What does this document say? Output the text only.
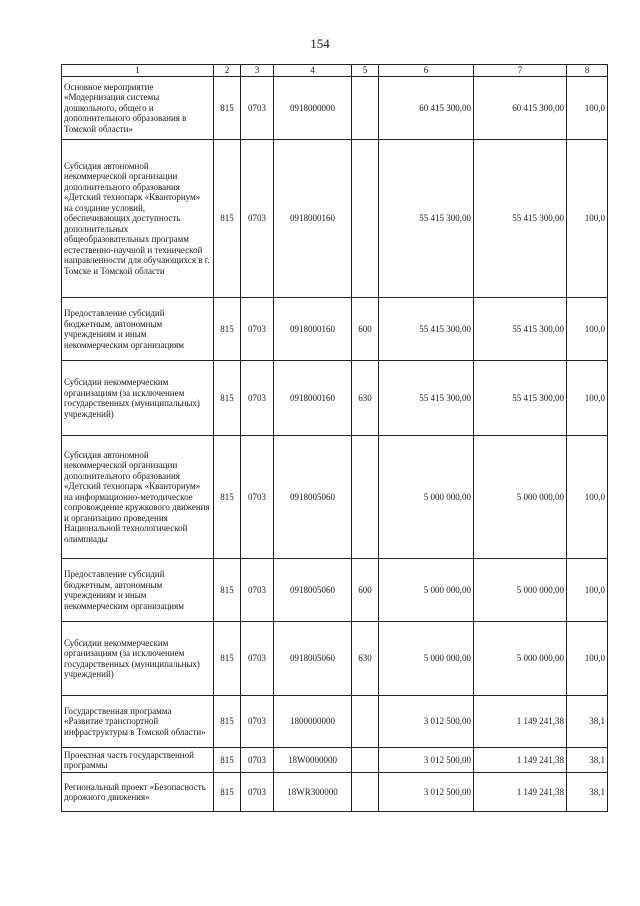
154
1	2	3	4	5	6	7	8
Основное мероприятие «Модернизация системы дошкольного, общего и дополнительного образования в Томской области»	815	0703	0918000000		60 415 300,00	60 415 300,00	100,0
Субсидия автономной некоммерческой организации дополнительного образования «Детский технопарк «Кванториум» на создание условий, обеспечивающих доступность дополнительных общеобразовательных программ естественно-научной и технической направленности для обучающихся в г. Томске и Томской области	815	0703	0918000160		55 415 300,00	55 415 300,00	100,0
Предоставление субсидий бюджетным, автономным учреждениям и иным некоммерческим организациям	815	0703	0918000160	600	55 415 300,00	55 415 300,00	100,0
Субсидии некоммерческим организациям (за исключением государственных (муниципальных) учреждений)	815	0703	0918000160	630	55 415 300,00	55 415 300,00	100,0
Субсидия автономной некоммерческой организации дополнительного образования «Детский технопарк «Кванториум» на информационно-методическое сопровождение кружкового движения и организацию проведения Национальной технологической олимпиады	815	0703	0918005060		5 000 000,00	5 000 000,00	100,0
Предоставление субсидий бюджетным, автономным учреждениям и иным некоммерческим организациям	815	0703	0918005060	600	5 000 000,00	5 000 000,00	100,0
Субсидии некоммерческим организациям (за исключением государственных (муниципальных) учреждений)	815	0703	0918005060	630	5 000 000,00	5 000 000,00	100,0
Государственная программа «Развитие транспортной инфраструктуры в Томской области»	815	0703	1800000000		3 012 500,00	1 149 241,38	38,1
Проектная часть государственной программы	815	0703	18W0000000		3 012 500,00	1 149 241,38	38,1
Региональный проект «Безопасность дорожного движения»	815	0703	18WR300000		3 012 500,00	1 149 241,38	38,1
